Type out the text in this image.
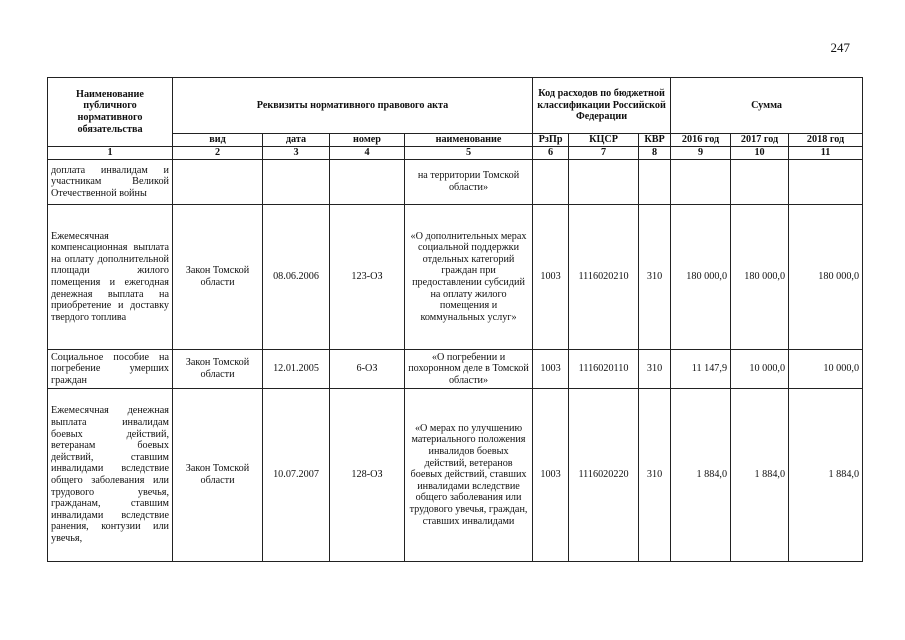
247
Наименование публичного нормативного обязательства	Реквизиты нормативного правового акта				Код расходов по бюджетной классификации Российской Федерации			Сумма		
	вид	дата	номер	наименование	РзПр	КЦСР	КВР	2016 год	2017 год	2018 год
1	2	3	4	5	6	7	8	9	10	11
доплата инвалидам и участникам Великой Отечественной войны				на территории Томской области»						
Ежемесячная компенсационная выплата на оплату дополнительной площади жилого помещения и ежегодная денежная выплата на приобретение и доставку твердого топлива	Закон Томской области	08.06.2006	123-ОЗ	«О дополнительных мерах социальной поддержки отдельных категорий граждан при предоставлении субсидий на оплату жилого помещения и коммунальных услуг»	1003	1116020210	310	180 000,0	180 000,0	180 000,0
Социальное пособие на погребение умерших граждан	Закон Томской области	12.01.2005	6-ОЗ	«О погребении и похоронном деле в Томской области»	1003	1116020110	310	11 147,9	10 000,0	10 000,0
Ежемесячная денежная выплата инвалидам боевых действий, ветеранам боевых действий, ставшим инвалидами вследствие общего заболевания или трудового увечья, гражданам, ставшим инвалидами вследствие ранения, контузии или увечья,	Закон Томской области	10.07.2007	128-ОЗ	«О мерах по улучшению материального положения инвалидов боевых действий, ветеранов боевых действий, ставших инвалидами вследствие общего заболевания или трудового увечья, граждан, ставших инвалидами	1003	1116020220	310	1 884,0	1 884,0	1 884,0
